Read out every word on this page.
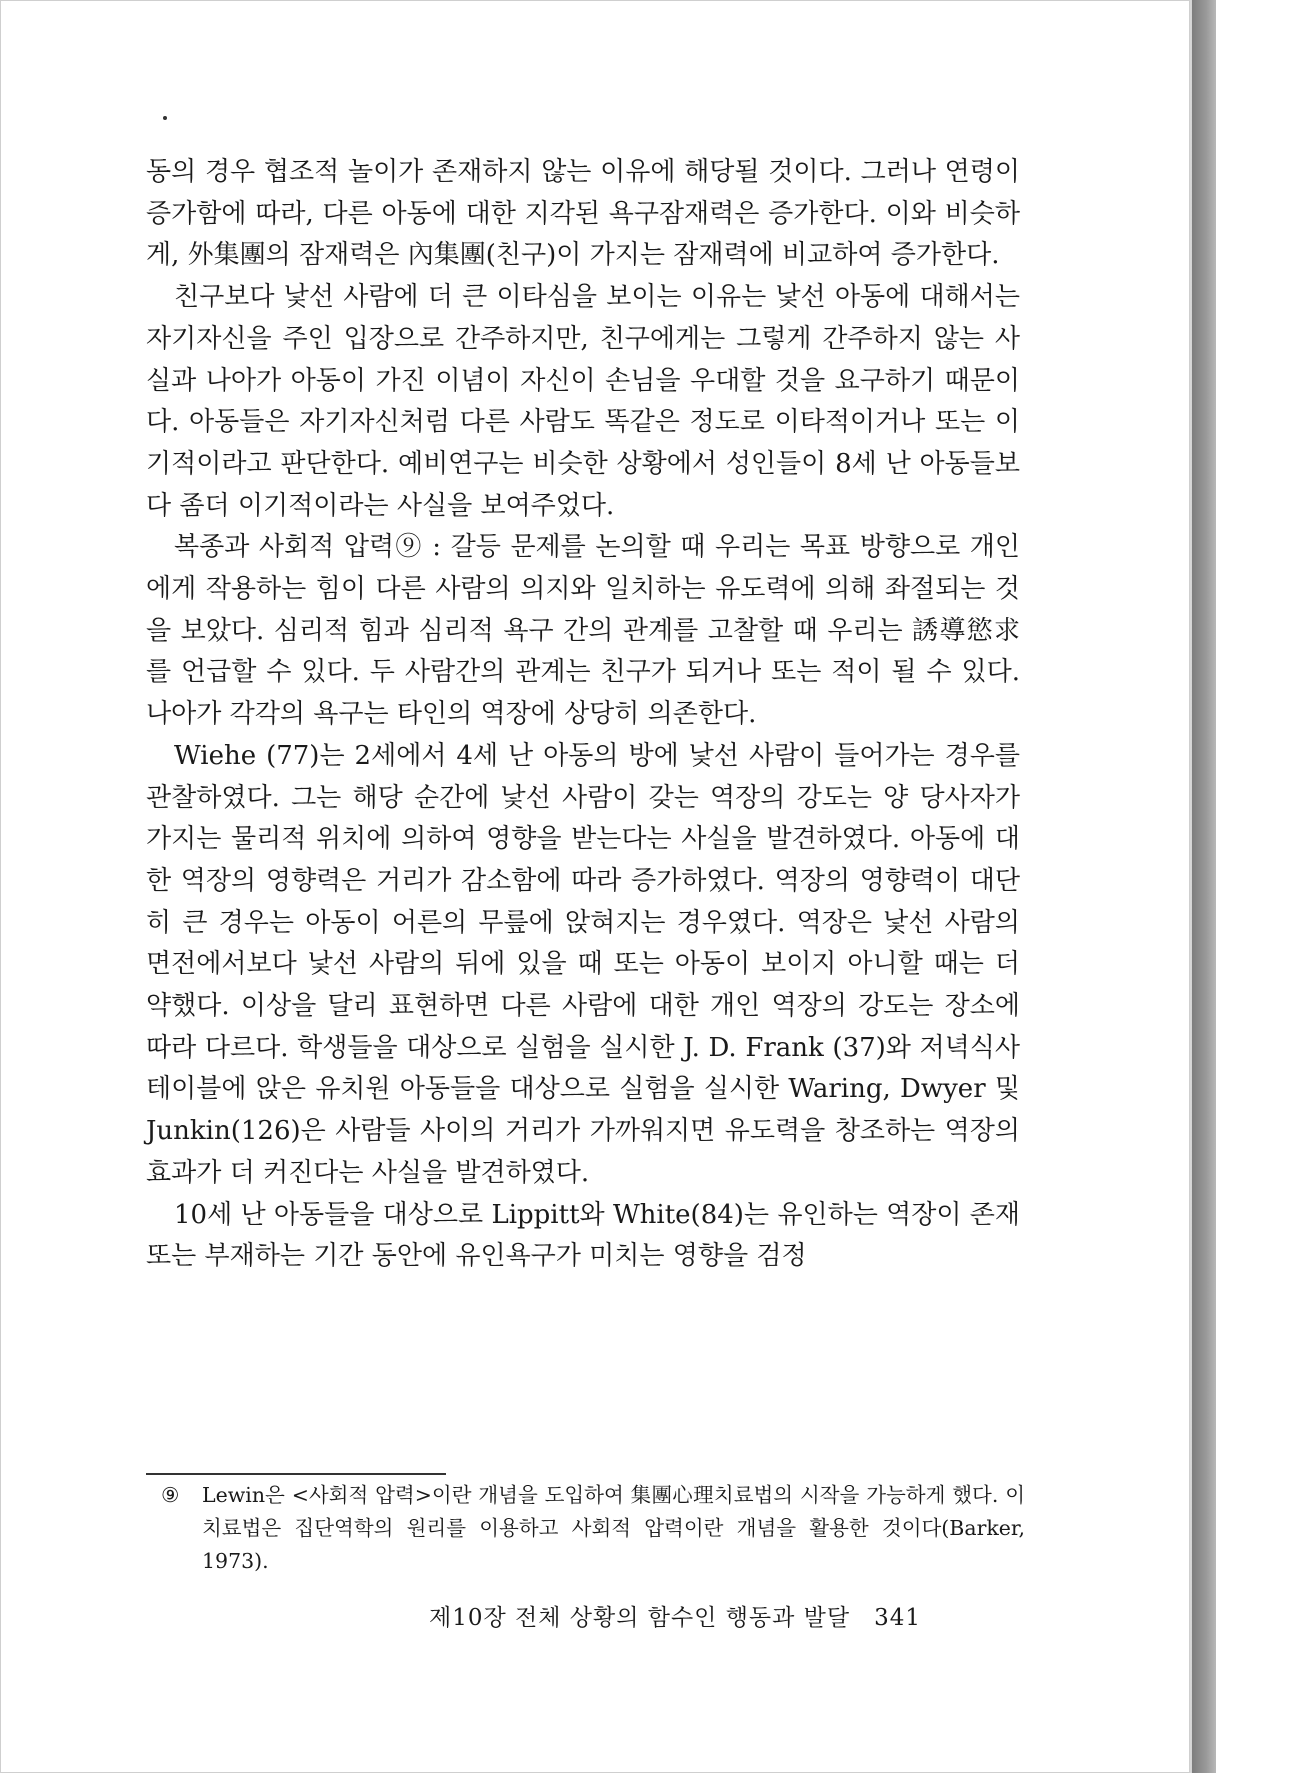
동의 경우 협조적 놀이가 존재하지 않는 이유에 해당될 것이다. 그러나 연령이 증가함에 따라, 다른 아동에 대한 지각된 욕구잠재력은 증가한다. 이와 비슷하게, 外集團의 잠재력은 內集團(친구)이 가지는 잠재력에 비교하여 증가한다.

친구보다 낯선 사람에 더 큰 이타심을 보이는 이유는 낯선 아동에 대해서는 자기자신을 주인 입장으로 간주하지만, 친구에게는 그렇게 간주하지 않는 사실과 나아가 아동이 가진 이념이 자신이 손님을 우대할 것을 요구하기 때문이다. 아동들은 자기자신처럼 다른 사람도 똑같은 정도로 이타적이거나 또는 이기적이라고 판단한다. 예비연구는 비슷한 상황에서 성인들이 8세 난 아동들보다 좀더 이기적이라는 사실을 보여주었다.

복종과 사회적 압력⑨ : 갈등 문제를 논의할 때 우리는 목표 방향으로 개인에게 작용하는 힘이 다른 사람의 의지와 일치하는 유도력에 의해 좌절되는 것을 보았다. 심리적 힘과 심리적 욕구 간의 관계를 고찰할 때 우리는 誘導慾求를 언급할 수 있다. 두 사람간의 관계는 친구가 되거나 또는 적이 될 수 있다. 나아가 각각의 욕구는 타인의 역장에 상당히 의존한다.

Wiehe (77)는 2세에서 4세 난 아동의 방에 낯선 사람이 들어가는 경우를 관찰하였다. 그는 해당 순간에 낯선 사람이 갖는 역장의 강도는 양 당사자가 가지는 물리적 위치에 의하여 영향을 받는다는 사실을 발견하였다. 아동에 대한 역장의 영향력은 거리가 감소함에 따라 증가하였다. 역장의 영향력이 대단히 큰 경우는 아동이 어른의 무릎에 앉혀지는 경우였다. 역장은 낯선 사람의 면전에서보다 낯선 사람의 뒤에 있을 때 또는 아동이 보이지 아니할 때는 더 약했다. 이상을 달리 표현하면 다른 사람에 대한 개인 역장의 강도는 장소에 따라 다르다. 학생들을 대상으로 실험을 실시한 J. D. Frank (37)와 저녁식사 테이블에 앉은 유치원 아동들을 대상으로 실험을 실시한 Waring, Dwyer 및 Junkin(126)은 사람들 사이의 거리가 가까워지면 유도력을 창조하는 역장의 효과가 더 커진다는 사실을 발견하였다.

10세 난 아동들을 대상으로 Lippitt와 White(84)는 유인하는 역장이 존재 또는 부재하는 기간 동안에 유인욕구가 미치는 영향을 검정

⑨ Lewin은 <사회적 압력>이란 개념을 도입하여 集團心理치료법의 시작을 가능하게 했다. 이 치료법은 집단역학의 원리를 이용하고 사회적 압력이란 개념을 활용한 것이다(Barker, 1973).
제10장 전체 상황의 함수인 행동과 발달 341
